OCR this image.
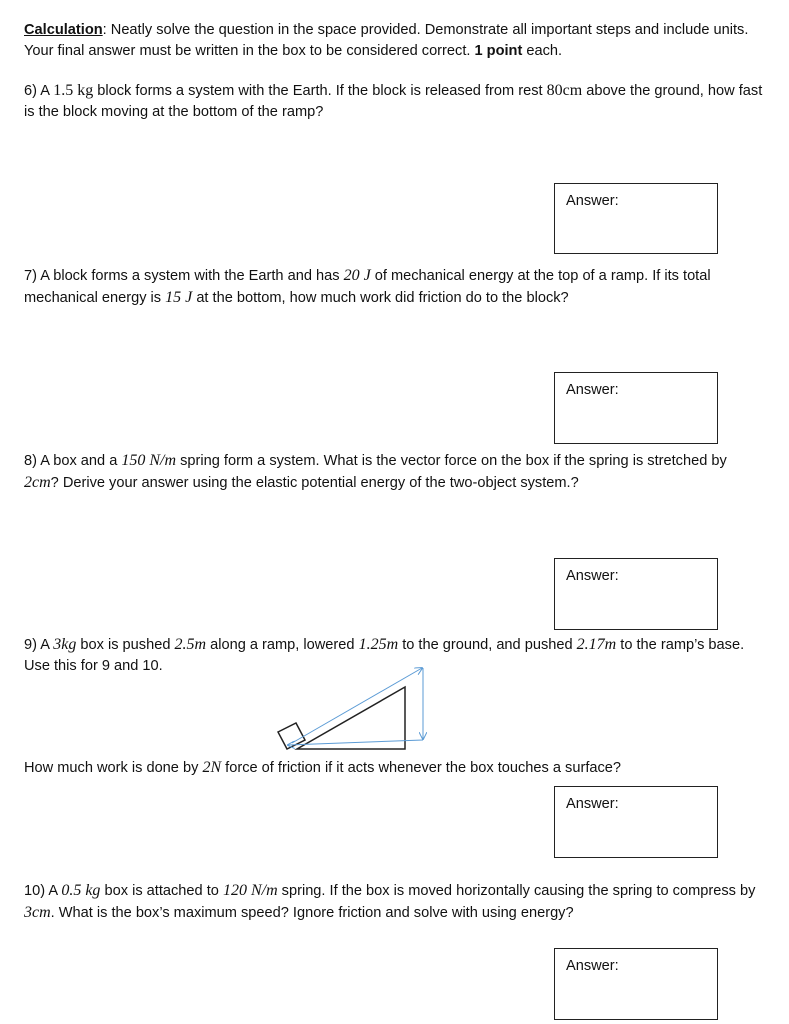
Calculation: Neatly solve the question in the space provided. Demonstrate all important steps and include units. Your final answer must be written in the box to be considered correct. 1 point each.
6) A 1.5 kg block forms a system with the Earth. If the block is released from rest 80cm above the ground, how fast is the block moving at the bottom of the ramp?
Answer:
7) A block forms a system with the Earth and has 20 J of mechanical energy at the top of a ramp. If its total mechanical energy is 15 J at the bottom, how much work did friction do to the block?
Answer:
8) A box and a 150 N/m spring form a system. What is the vector force on the box if the spring is stretched by 2cm? Derive your answer using the elastic potential energy of the two-object system.?
Answer:
9) A 3kg box is pushed 2.5m along a ramp, lowered 1.25m to the ground, and pushed 2.17m to the ramp’s base. Use this for 9 and 10.
How much work is done by 2N force of friction if it acts whenever the box touches a surface?
Answer:
10) A 0.5 kg box is attached to 120 N/m spring. If the box is moved horizontally causing the spring to compress by 3cm. What is the box’s maximum speed? Ignore friction and solve with using energy?
Answer:
